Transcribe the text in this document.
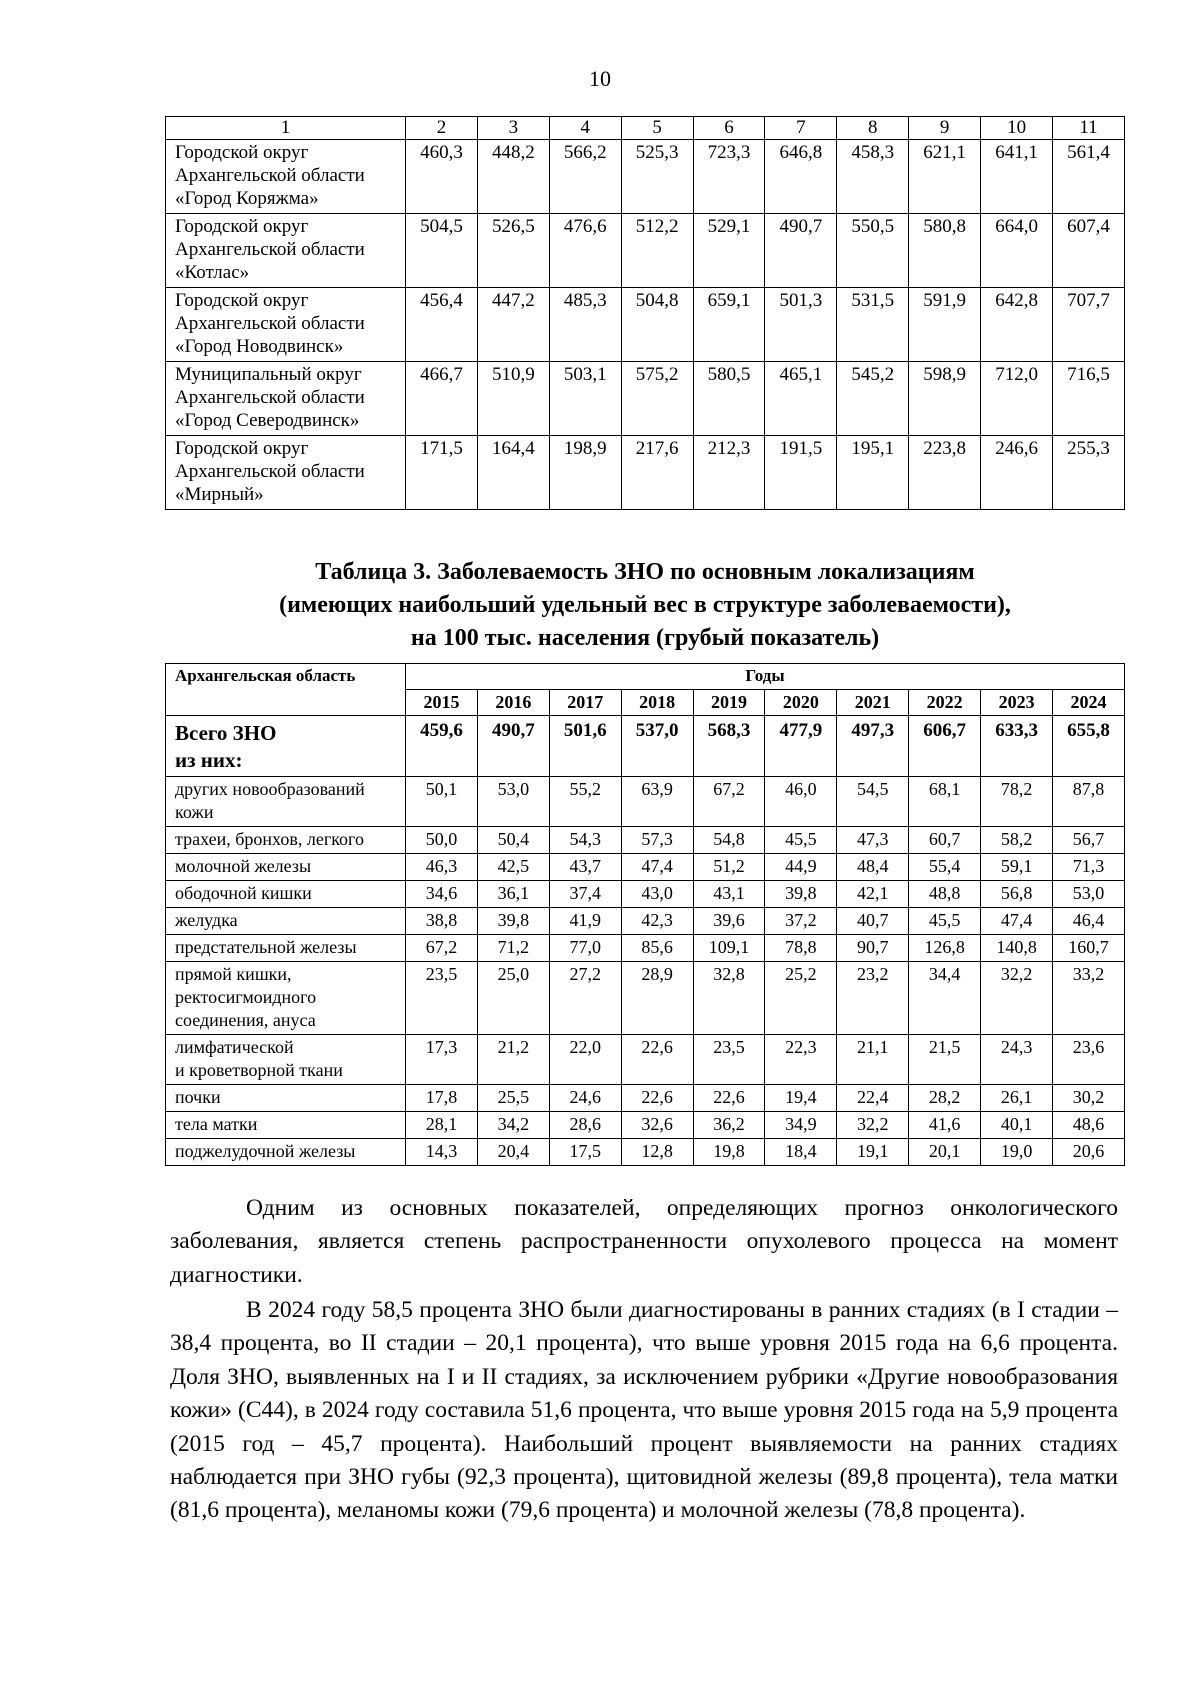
10
1	2	3	4	5	6	7	8	9	10	11

Городской округ
Архангельской области
«Город Коряжма»	460,3	448,2	566,2	525,3	723,3	646,8	458,3	621,1	641,1	561,4

Городской округ
Архангельской области
«Котлас»	504,5	526,5	476,6	512,2	529,1	490,7	550,5	580,8	664,0	607,4

Городской округ
Архангельской области
«Город Новодвинск»	456,4	447,2	485,3	504,8	659,1	501,3	531,5	591,9	642,8	707,7

Муниципальный округ
Архангельской области
«Город Северодвинск»	466,7	510,9	503,1	575,2	580,5	465,1	545,2	598,9	712,0	716,5

Городской округ
Архангельской области
«Мирный»	171,5	164,4	198,9	217,6	212,3	191,5	195,1	223,8	246,6	255,3
Таблица 3. Заболеваемость ЗНО по основным локализациям
(имеющих наибольший удельный вес в структуре заболеваемости),
на 100 тыс. населения (грубый показатель)
Архангельская область	Годы									
	2015	2016	2017	2018	2019	2020	2021	2022	2023	2024

Всего ЗНО
из них:	459,6	490,7	501,6	537,0	568,3	477,9	497,3	606,7	633,3	655,8

других новообразований
кожи	50,1	53,0	55,2	63,9	67,2	46,0	54,5	68,1	78,2	87,8

трахеи, бронхов, легкого	50,0	50,4	54,3	57,3	54,8	45,5	47,3	60,7	58,2	56,7

молочной железы	46,3	42,5	43,7	47,4	51,2	44,9	48,4	55,4	59,1	71,3

ободочной кишки	34,6	36,1	37,4	43,0	43,1	39,8	42,1	48,8	56,8	53,0

желудка	38,8	39,8	41,9	42,3	39,6	37,2	40,7	45,5	47,4	46,4

предстательной железы	67,2	71,2	77,0	85,6	109,1	78,8	90,7	126,8	140,8	160,7

прямой кишки,
ректосигмоидного
соединения, ануса	23,5	25,0	27,2	28,9	32,8	25,2	23,2	34,4	32,2	33,2

лимфатической
и кроветворной ткани	17,3	21,2	22,0	22,6	23,5	22,3	21,1	21,5	24,3	23,6

почки	17,8	25,5	24,6	22,6	22,6	19,4	22,4	28,2	26,1	30,2

тела матки	28,1	34,2	28,6	32,6	36,2	34,9	32,2	41,6	40,1	48,6

поджелудочной железы	14,3	20,4	17,5	12,8	19,8	18,4	19,1	20,1	19,0	20,6

Одним из основных показателей, определяющих прогноз онкологического заболевания, является степень распространенности опухолевого процесса на момент диагностики.

В 2024 году 58,5 процента ЗНО были диагностированы в ранних стадиях (в I стадии – 38,4 процента, во II стадии – 20,1 процента), что выше уровня 2015 года на 6,6 процента. Доля ЗНО, выявленных на I и II стадиях, за исключением рубрики «Другие новообразования кожи» (С44), в 2024 году составила 51,6 процента, что выше уровня 2015 года на 5,9 процента (2015 год – 45,7 процента). Наибольший процент выявляемости на ранних стадиях наблюдается при ЗНО губы (92,3 процента), щитовидной железы (89,8 процента), тела матки (81,6 процента), меланомы кожи (79,6 процента) и молочной железы (78,8 процента).
